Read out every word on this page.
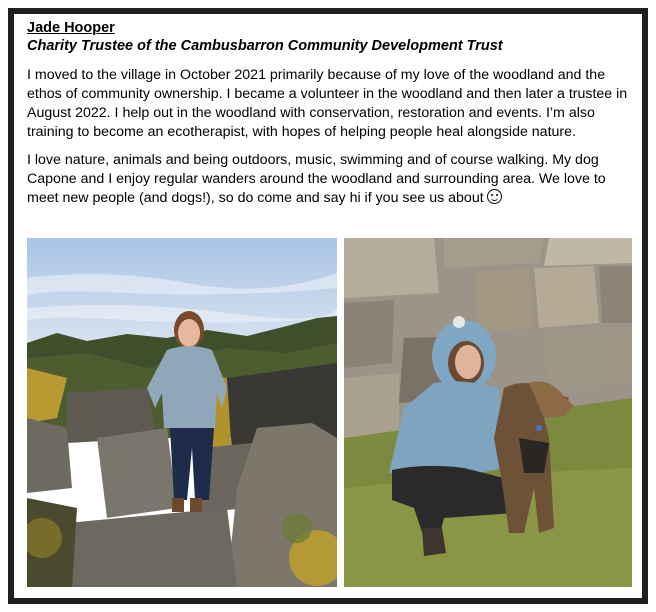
Jade Hooper
Charity Trustee of the Cambusbarron Community Development Trust

I moved to the village in October 2021 primarily because of my love of the woodland and the ethos of community ownership. I became a volunteer in the woodland and then later a trustee in August 2022. I help out in the woodland with conservation, restoration and events. I’m also training to become an ecotherapist, with hopes of helping people heal alongside nature.

I love nature, animals and being outdoors, music, swimming and of course walking. My dog Capone and I enjoy regular wanders around the woodland and surrounding area. We love to meet new people (and dogs!), so do come and say hi if you see us about
